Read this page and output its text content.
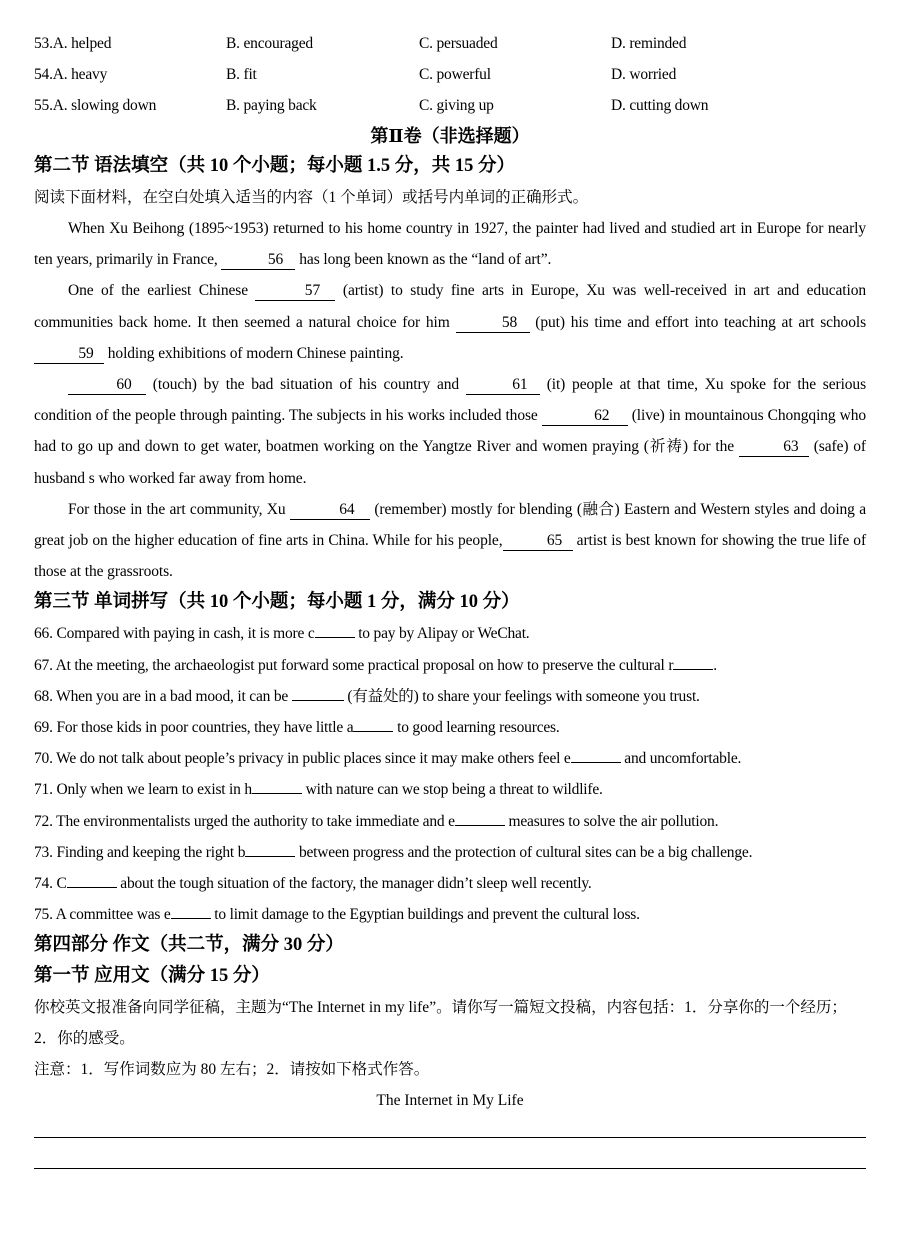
53.A. helped	B. encouraged	C. persuaded	D. reminded
54.A. heavy	B. fit	C. powerful	D. worried
55.A. slowing down	B. paying back	C. giving up	D. cutting down
第Ⅱ卷（非选择题）
第二节 语法填空（共 10 个小题；每小题 1.5 分，共 15 分）
阅读下面材料，在空白处填入适当的内容（1 个单词）或括号内单词的正确形式。

When Xu Beihong (1895~1953) returned to his home country in 1927, the painter had lived and studied art in Europe for nearly ten years, primarily in France,	56 has long been known as the “land of art”.

One of the earliest Chinese	57 (artist) to study fine arts in Europe, Xu was well-received in art and education communities back home. It then seemed a natural choice for him	58 (put) his time and effort into teaching at art schools 59 holding exhibitions of modern Chinese painting.

60 (touch) by the bad situation of his country and	61 (it) people at that time, Xu spoke for the serious condition of the people through painting. The subjects in his works included those	62 (live) in mountainous Chongqing who had to go up and down to get water, boatmen working on the Yangtze River and women praying (祈祷) for the	63 (safe) of husband s who worked far away from home.

For those in the art community, Xu	64 (remember) mostly for blending (融合) Eastern and Western styles and doing a great job on the higher education of fine arts in China. While for his people,	65 artist is best known for showing the true life of those at the grassroots.

第三节 单词拼写（共 10 个小题；每小题 1 分，满分 10 分）
66. Compared with paying in cash, it is more c	to pay by Alipay or WeChat.
67. At the meeting, the archaeologist put forward some practical proposal on how to preserve the cultural r	.
68. When you are in a bad mood, it can be	(有益处的) to share your feelings with someone you trust.
69. For those kids in poor countries, they have little a	to good learning resources.
70. We do not talk about people’s privacy in public places since it may make others feel e	and uncomfortable.
71. Only when we learn to exist in h	with nature can we stop being a threat to wildlife.
72. The environmentalists urged the authority to take immediate and e	measures to solve the air pollution.
73. Finding and keeping the right b	between progress and the protection of cultural sites can be a big challenge.
74. C	about the tough situation of the factory, the manager didn’t sleep well recently.
75. A committee was e	to limit damage to the Egyptian buildings and prevent the cultural loss.
第四部分 作文（共二节，满分 30 分）
第一节 应用文（满分 15 分）

你校英文报准备向同学征稿，主题为“The Internet in my life”。请你写一篇短文投稿，内容包括：1．分享你的一个经历；2．你的感受。

注意：1．写作词数应为 80 左右；2．请按如下格式作答。

The Internet in My Life
